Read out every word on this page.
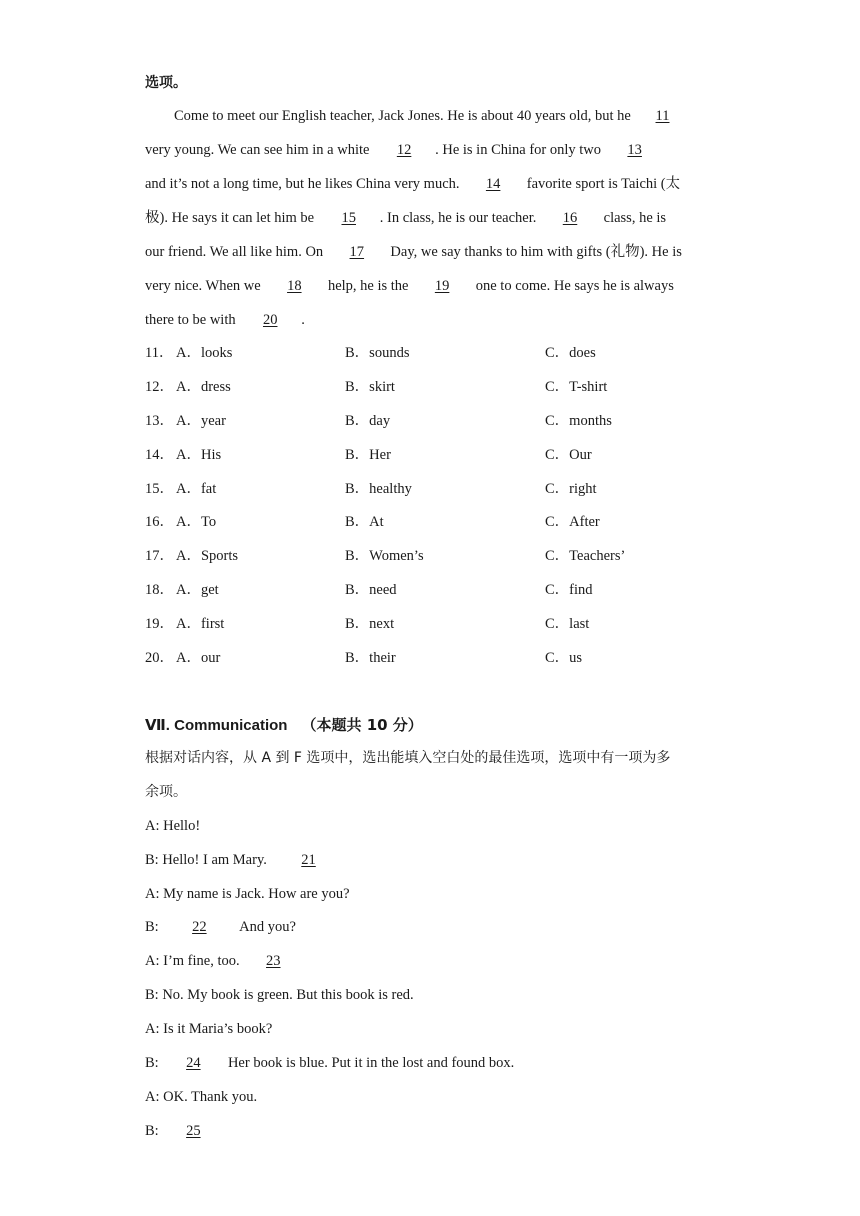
选项。
Come to meet our English teacher, Jack Jones. He is about 40 years old, but he 11
very young. We can see him in a white 12 . He is in China for only two 13
and it’s not a long time, but he likes China very much. 14 favorite sport is Taichi (太
极). He says it can let him be 15 . In class, he is our teacher. 16 class, he is
our friend. We all like him. On 17 Day, we say thanks to him with gifts (礼物). He is
very nice. When we 18 help, he is the 19 one to come. He says he is always
there to be with 20 .
11． A．looks	B．sounds	C．does
12． A．dress	B．skirt	C．T-shirt
13． A．year	B．day	C．months
14． A．His	B．Her	C．Our
15． A．fat	B．healthy	C．right
16． A．To	B．At	C．After
17． A．Sports	B．Women’s	C．Teachers’
18． A．get	B．need	C．find
19． A．first	B．next	C．last
20． A．our	B．their	C．us
Ⅶ. Communication （本题共 10 分）
根据对话内容，从 A 到 F 选项中，选出能填入空白处的最佳选项，选项中有一项为多
余项。
A: Hello!
B: Hello! I am Mary. 21
A: My name is Jack. How are you?
B: 22 And you?
A: I’m fine, too. 23
B: No. My book is green. But this book is red.
A: Is it Maria’s book?
B: 24 Her book is blue. Put it in the lost and found box.
A: OK. Thank you.
B: 25
